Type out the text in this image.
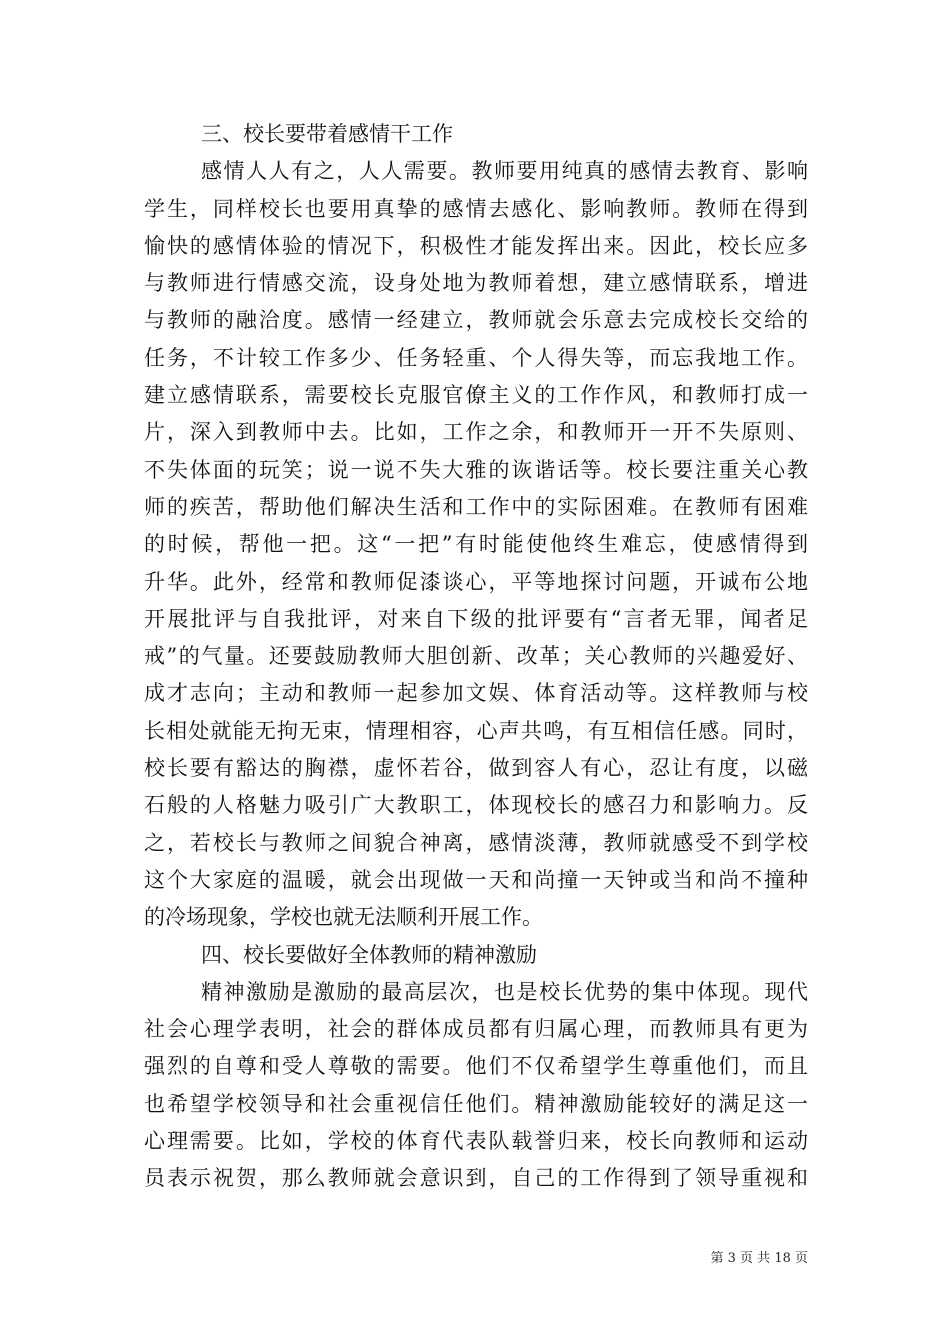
三、校长要带着感情干工作
感情人人有之，人人需要。教师要用纯真的感情去教育、影响
学生，同样校长也要用真挚的感情去感化、影响教师。教师在得到
愉快的感情体验的情况下，积极性才能发挥出来。因此，校长应多
与教师进行情感交流，设身处地为教师着想，建立感情联系，增进
与教师的融洽度。感情一经建立，教师就会乐意去完成校长交给的
任务，不计较工作多少、任务轻重、个人得失等，而忘我地工作。
建立感情联系，需要校长克服官僚主义的工作作风，和教师打成一
片，深入到教师中去。比如，工作之余，和教师开一开不失原则、
不失体面的玩笑；说一说不失大雅的诙谐话等。校长要注重关心教
师的疾苦，帮助他们解决生活和工作中的实际困难。在教师有困难
的时候，帮他一把。这“一把”有时能使他终生难忘，使感情得到
升华。此外，经常和教师促漆谈心，平等地探讨问题，开诚布公地
开展批评与自我批评，对来自下级的批评要有“言者无罪，闻者足
戒”的气量。还要鼓励教师大胆创新、改革；关心教师的兴趣爱好、
成才志向；主动和教师一起参加文娱、体育活动等。这样教师与校
长相处就能无拘无束，情理相容，心声共鸣，有互相信任感。同时，
校长要有豁达的胸襟，虚怀若谷，做到容人有心，忍让有度，以磁
石般的人格魅力吸引广大教职工，体现校长的感召力和影响力。反
之，若校长与教师之间貌合神离，感情淡薄，教师就感受不到学校
这个大家庭的温暖，就会出现做一天和尚撞一天钟或当和尚不撞种
的冷场现象，学校也就无法顺利开展工作。
四、校长要做好全体教师的精神激励
精神激励是激励的最高层次，也是校长优势的集中体现。现代
社会心理学表明，社会的群体成员都有归属心理，而教师具有更为
强烈的自尊和受人尊敬的需要。他们不仅希望学生尊重他们，而且
也希望学校领导和社会重视信任他们。精神激励能较好的满足这一
心理需要。比如，学校的体育代表队载誉归来，校长向教师和运动
员表示祝贺，那么教师就会意识到，自己的工作得到了领导重视和
第 3 页 共 18 页
